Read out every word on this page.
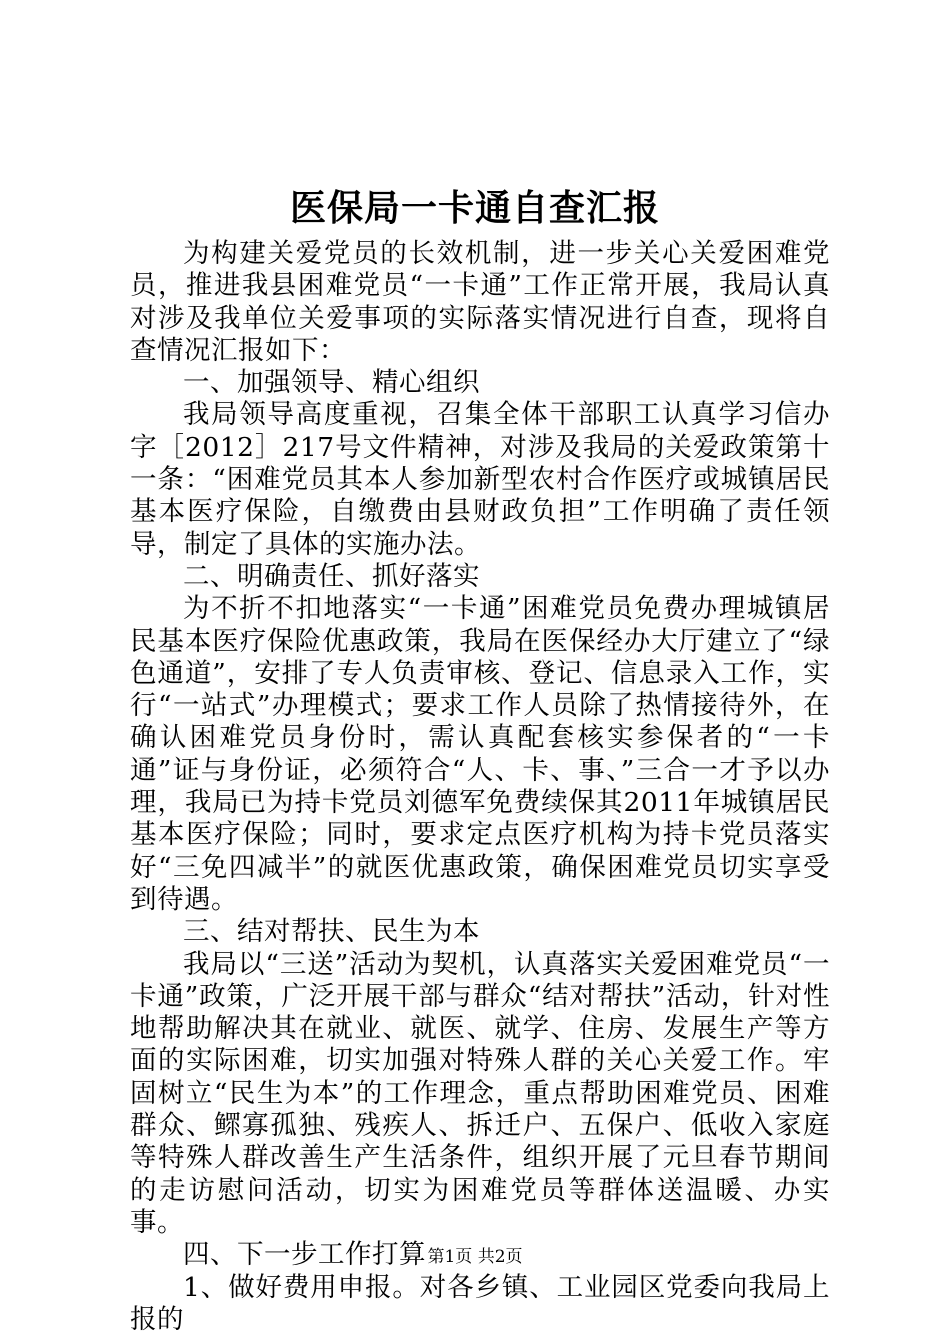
医保局一卡通自查汇报

为构建关爱党员的长效机制，进一步关心关爱困难党员，推进我县困难党员“一卡通”工作正常开展，我局认真对涉及我单位关爱事项的实际落实情况进行自查，现将自查情况汇报如下：

一、加强领导、精心组织

我局领导高度重视，召集全体干部职工认真学习信办字［2012］217号文件精神，对涉及我局的关爱政策第十一条：“困难党员其本人参加新型农村合作医疗或城镇居民基本医疗保险，自缴费由县财政负担”工作明确了责任领导，制定了具体的实施办法。

二、明确责任、抓好落实

为不折不扣地落实“一卡通”困难党员免费办理城镇居民基本医疗保险优惠政策，我局在医保经办大厅建立了“绿色通道”，安排了专人负责审核、登记、信息录入工作，实行“一站式”办理模式；要求工作人员除了热情接待外，在确认困难党员身份时，需认真配套核实参保者的“一卡通”证与身份证，必须符合“人、卡、事、”三合一才予以办理，我局已为持卡党员刘德军免费续保其2011年城镇居民基本医疗保险；同时，要求定点医疗机构为持卡党员落实好“三免四减半”的就医优惠政策，确保困难党员切实享受到待遇。

三、结对帮扶、民生为本

我局以“三送”活动为契机，认真落实关爱困难党员“一卡通”政策，广泛开展干部与群众“结对帮扶”活动，针对性地帮助解决其在就业、就医、就学、住房、发展生产等方面的实际困难，切实加强对特殊人群的关心关爱工作。牢固树立“民生为本”的工作理念，重点帮助困难党员、困难群众、鳏寡孤独、残疾人、拆迁户、五保户、低收入家庭等特殊人群改善生产生活条件，组织开展了元旦春节期间的走访慰问活动，切实为困难党员等群体送温暖、办实事。

四、下一步工作打算

1、做好费用申报。对各乡镇、工业园区党委向我局上报的

第1页 共2页
